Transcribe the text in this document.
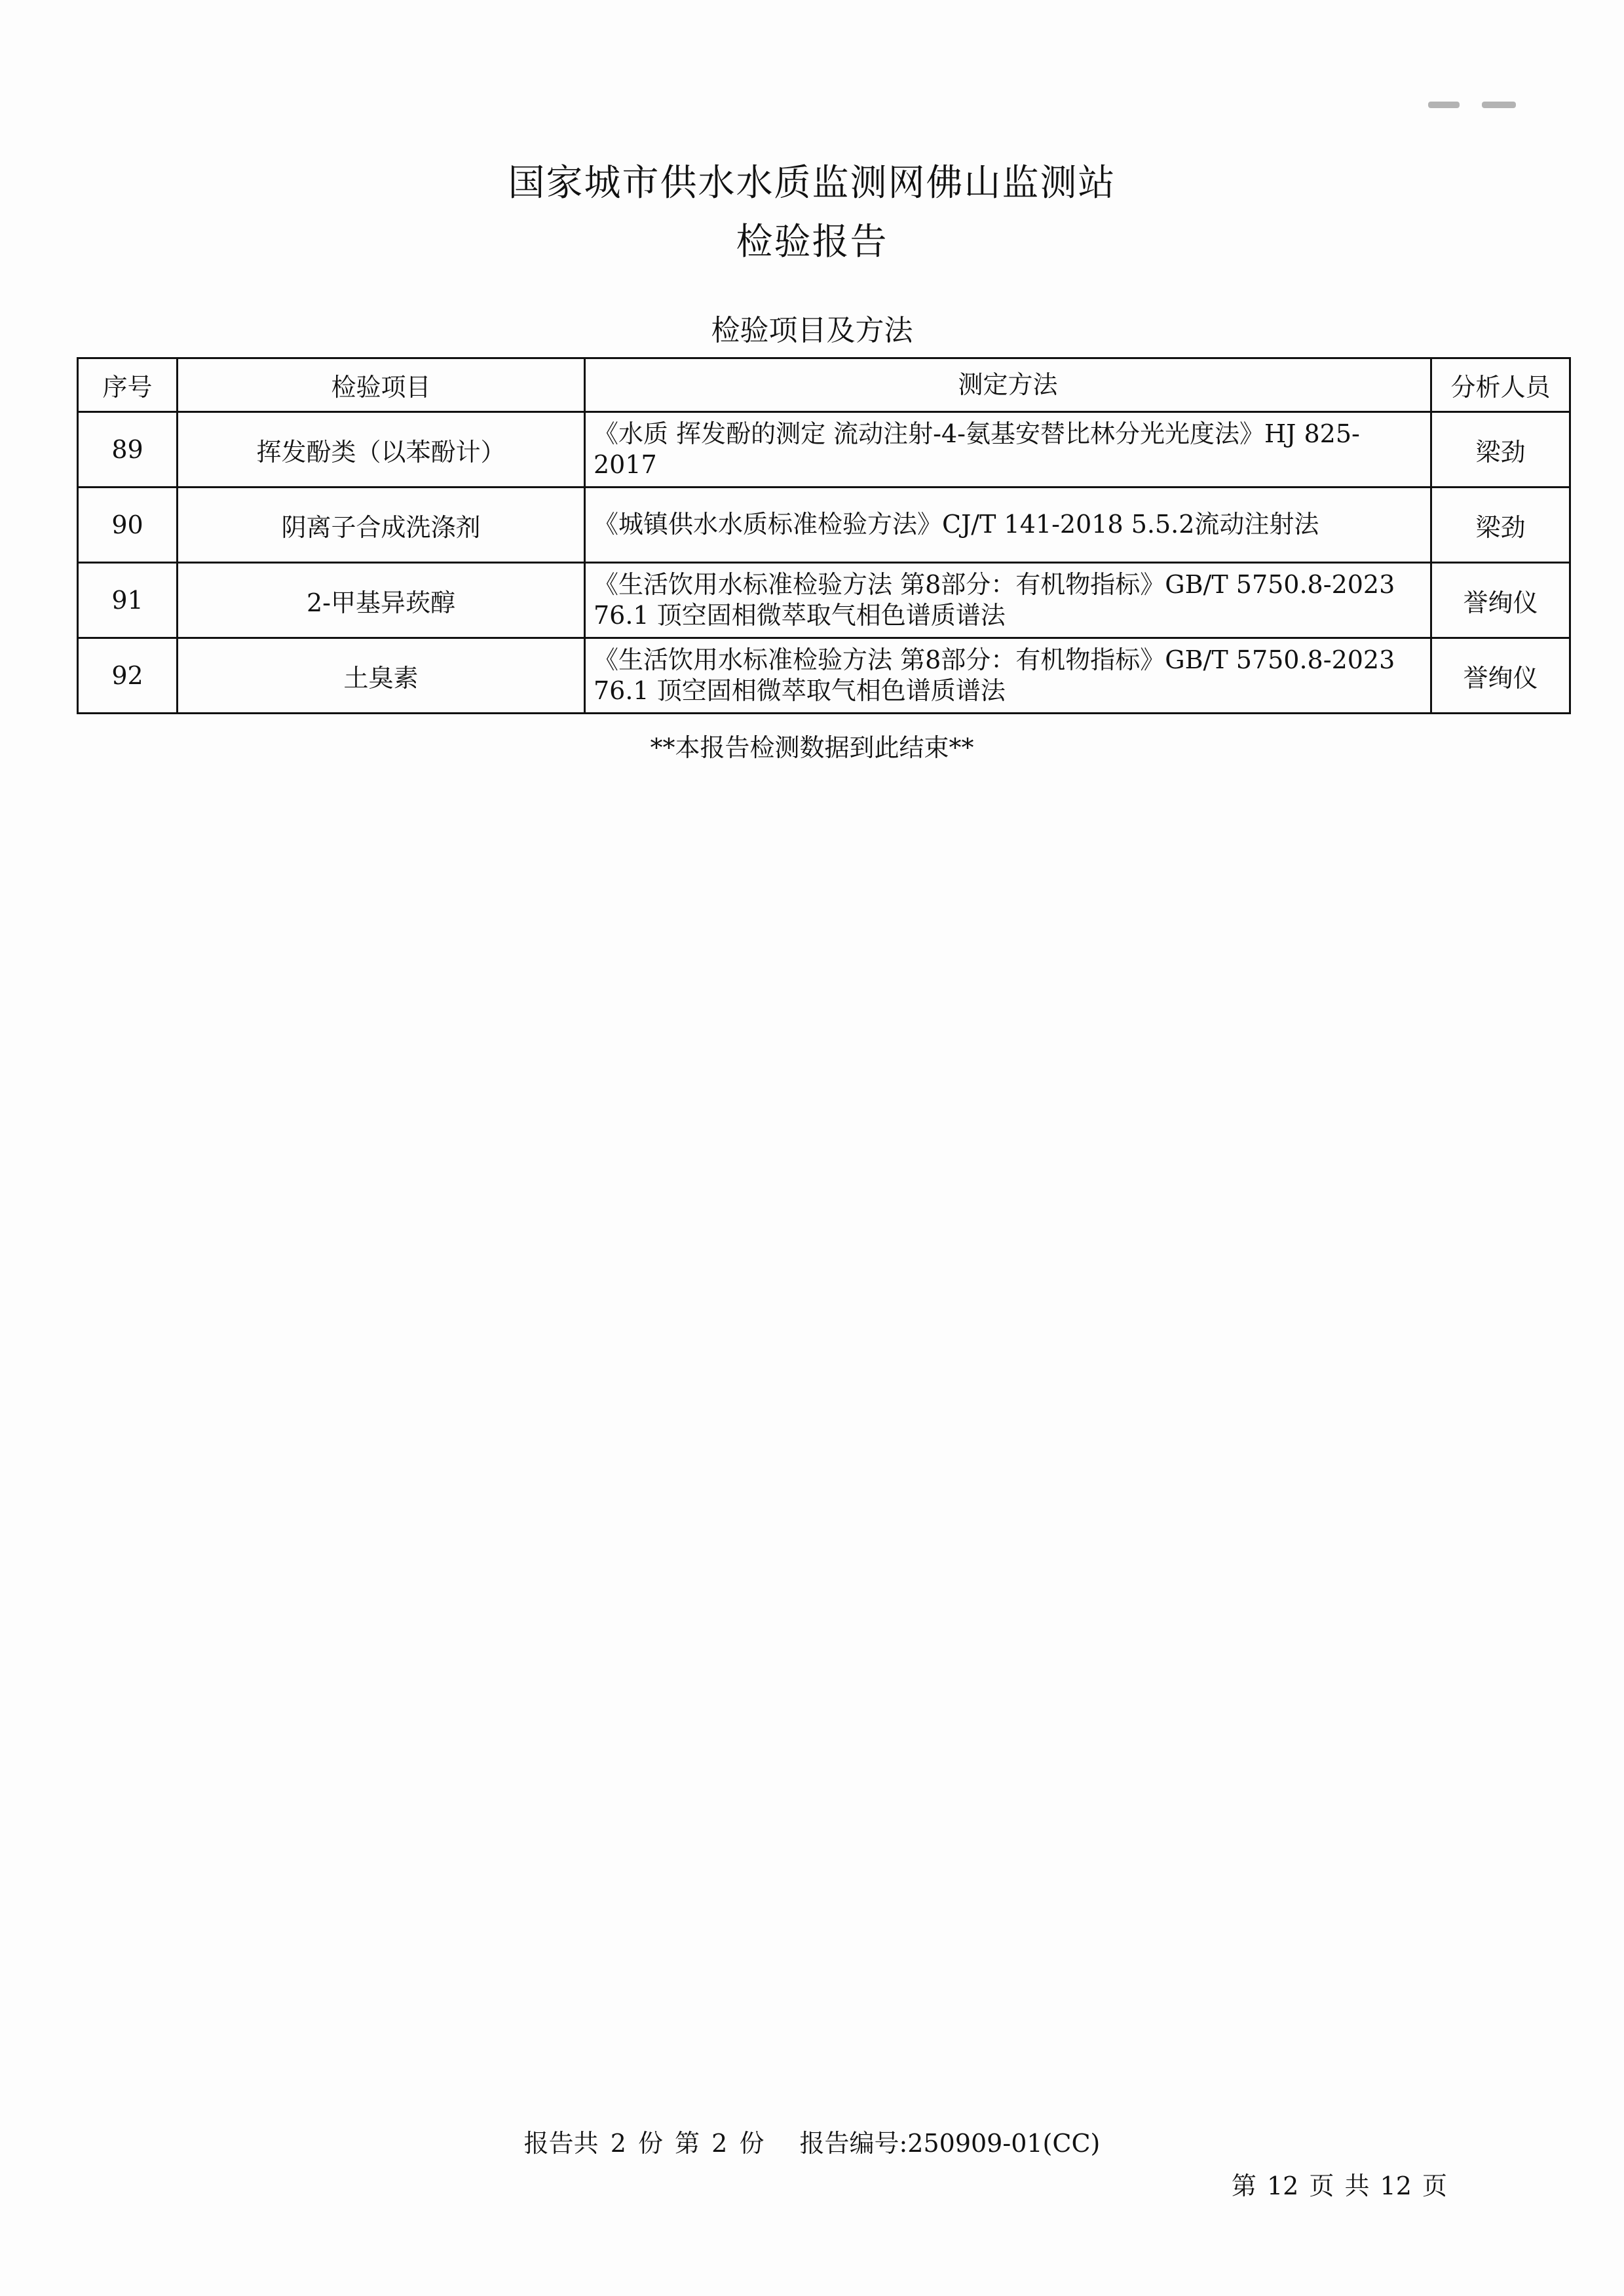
国家城市供水水质监测网佛山监测站
检验报告
检验项目及方法
序号	检验项目	测定方法	分析人员
89	挥发酚类（以苯酚计）	《水质 挥发酚的测定 流动注射-4-氨基安替比林分光光度法》HJ 825-2017	梁劲
90	阴离子合成洗涤剂	《城镇供水水质标准检验方法》CJ/T 141-2018 5.5.2流动注射法	梁劲
91	2-甲基异莰醇	《生活饮用水标准检验方法 第8部分：有机物指标》GB/T 5750.8-2023 76.1 顶空固相微萃取气相色谱质谱法	誉绚仪
92	土臭素	《生活饮用水标准检验方法 第8部分：有机物指标》GB/T 5750.8-2023 76.1 顶空固相微萃取气相色谱质谱法	誉绚仪
**本报告检测数据到此结束**
报告共 2 份 第 2 份 报告编号:250909-01(CC)
第 12 页 共 12 页
